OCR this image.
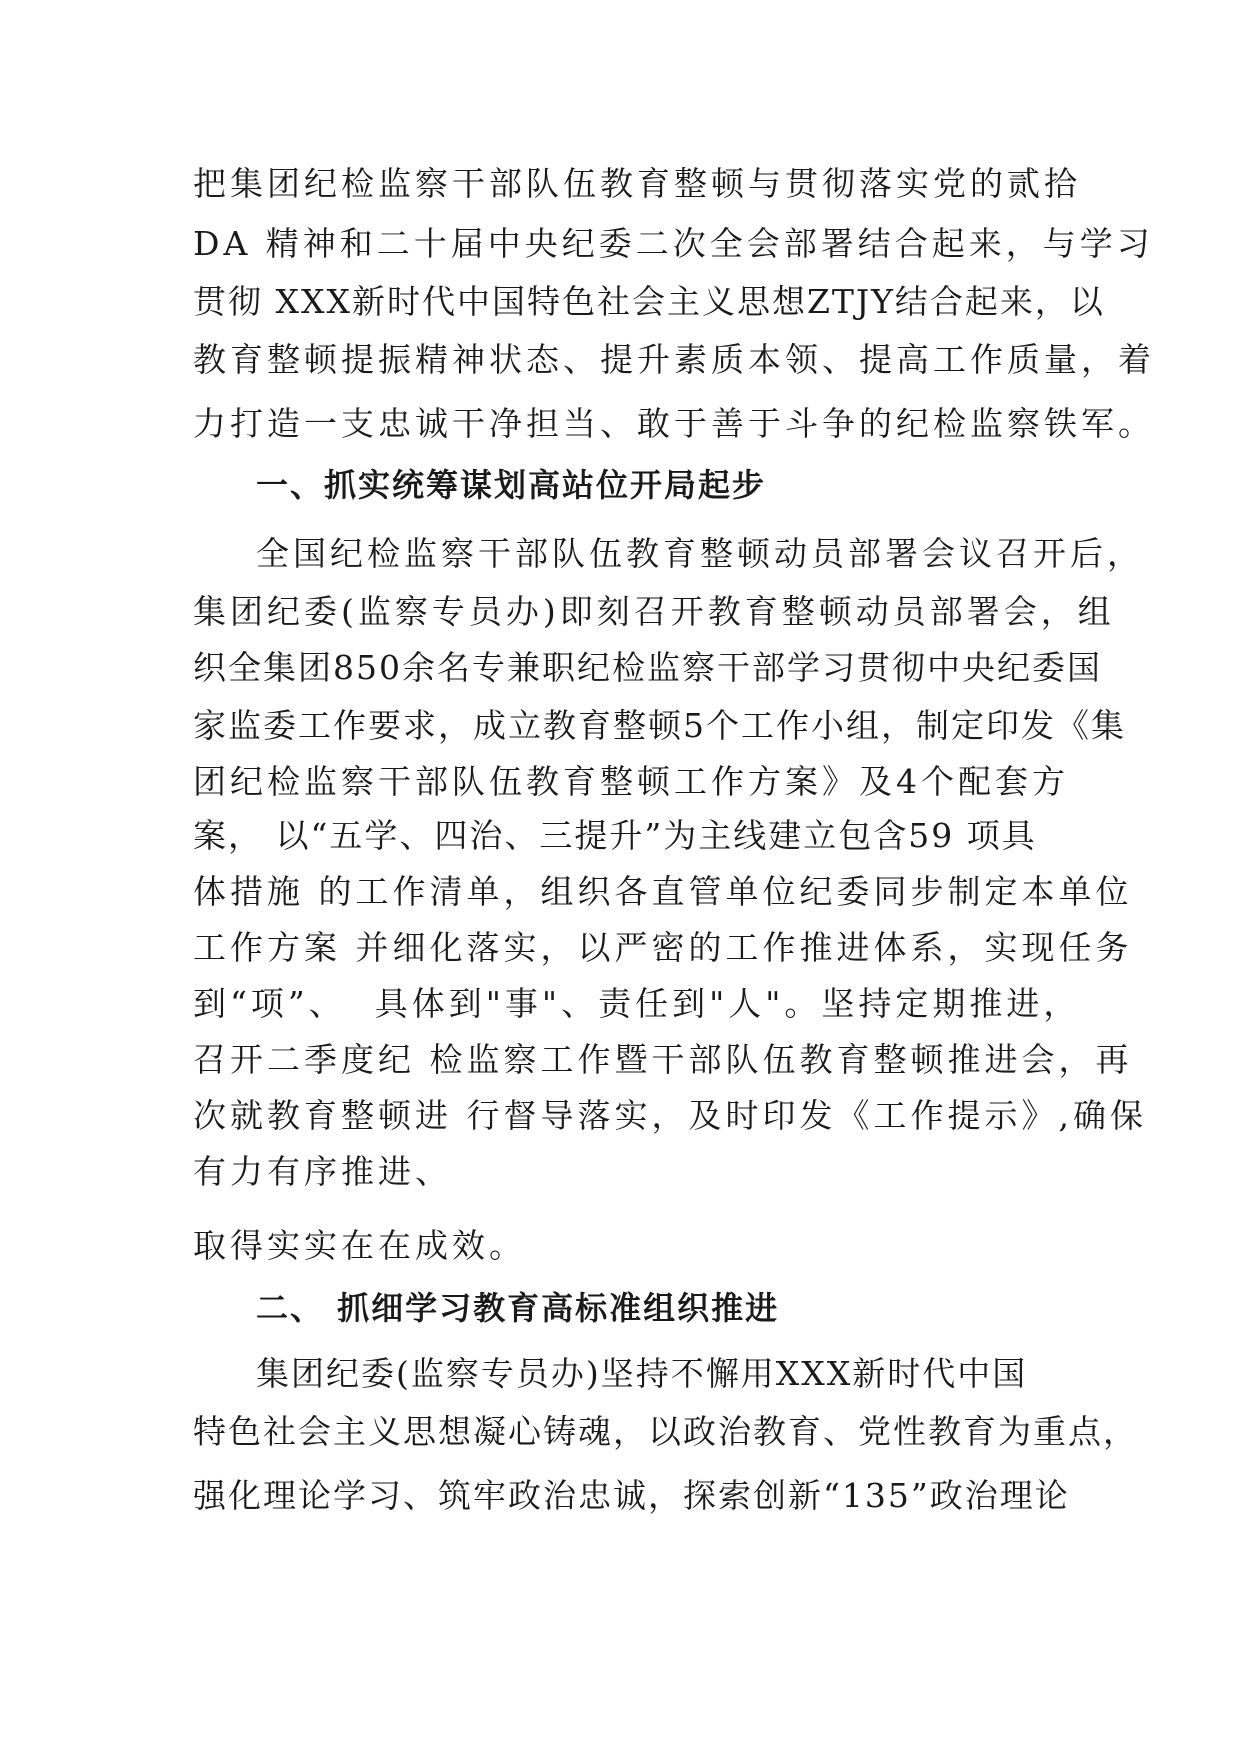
把集团纪检监察干部队伍教育整顿与贯彻落实党的贰拾
DA 精神和二十届中央纪委二次全会部署结合起来，与学习
贯彻 XXX新时代中国特色社会主义思想ZTJY结合起来，以
教育整顿提振精神状态、提升素质本领、提高工作质量，着
力打造一支忠诚干净担当、敢于善于斗争的纪检监察铁军。
一、抓实统筹谋划高站位开局起步
全国纪检监察干部队伍教育整顿动员部署会议召开后，
集团纪委(监察专员办)即刻召开教育整顿动员部署会，组
织全集团850余名专兼职纪检监察干部学习贯彻中央纪委国
家监委工作要求，成立教育整顿5个工作小组，制定印发《集
团纪检监察干部队伍教育整顿工作方案》及4个配套方
案， 以“五学、四治、三提升”为主线建立包含59 项具
体措施 的工作清单，组织各直管单位纪委同步制定本单位
工作方案 并细化落实，以严密的工作推进体系，实现任务
到“项”、  具体到"事"、责任到"人"。坚持定期推进，
召开二季度纪 检监察工作暨干部队伍教育整顿推进会，再
次就教育整顿进 行督导落实，及时印发《工作提示》,确保
有力有序推进、
取得实实在在成效。
二、 抓细学习教育高标准组织推进
集团纪委(监察专员办)坚持不懈用XXX新时代中国
特色社会主义思想凝心铸魂，以政治教育、党性教育为重点，
强化理论学习、筑牢政治忠诚，探索创新“135”政治理论
